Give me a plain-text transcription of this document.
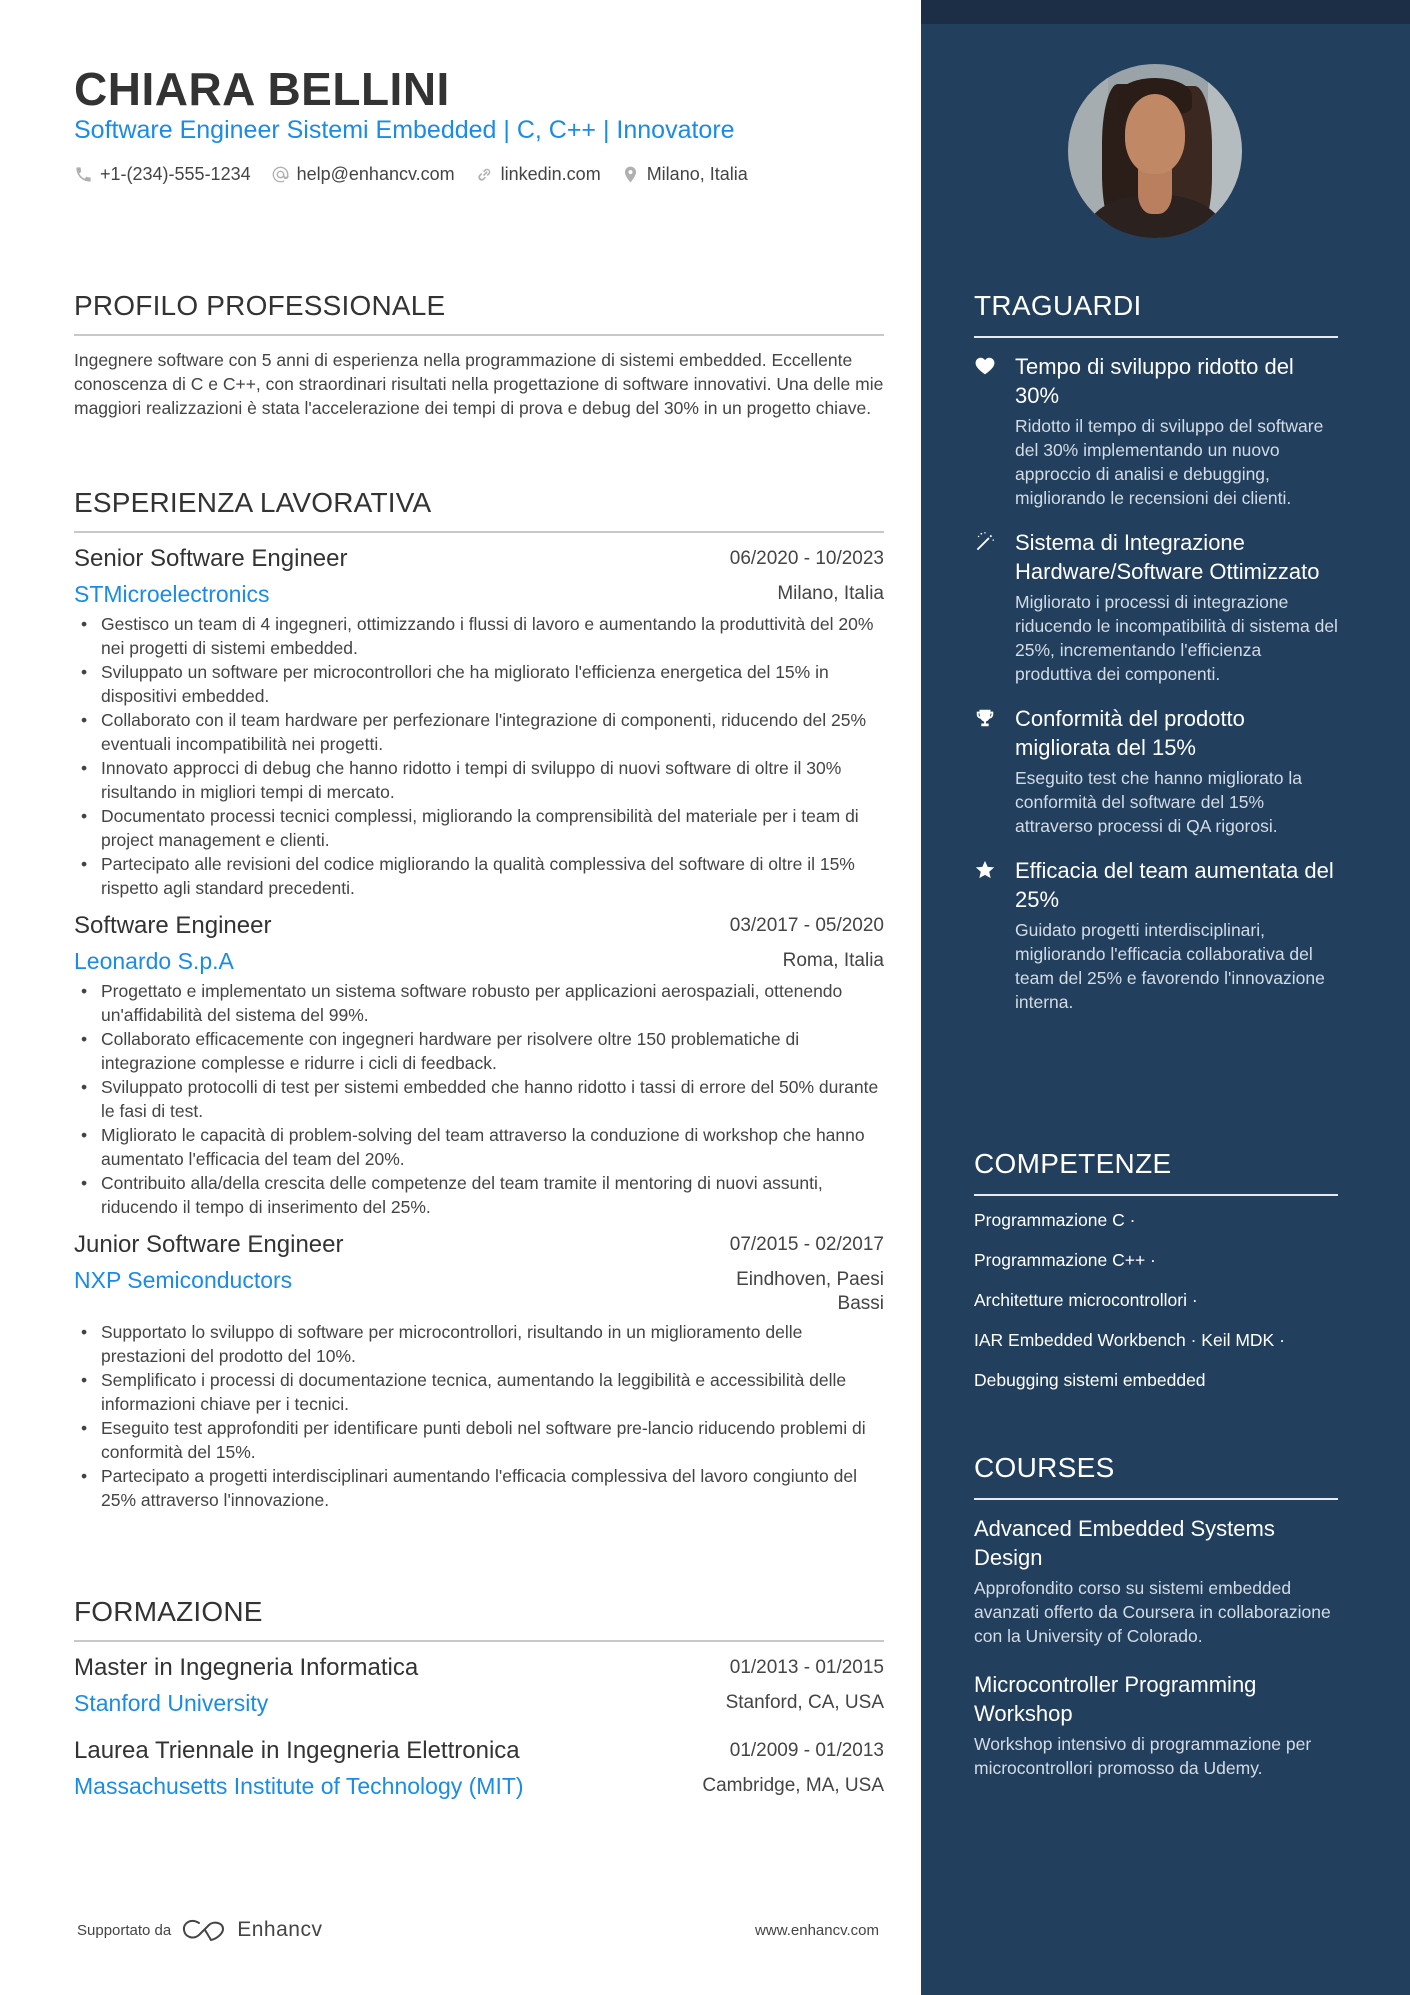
CHIARA BELLINI
Software Engineer Sistemi Embedded | C, C++ | Innovatore
+1-(234)-555-1234	help@enhancv.com	linkedin.com	Milano, Italia
PROFILO PROFESSIONALE
Ingegnere software con 5 anni di esperienza nella programmazione di sistemi embedded. Eccellente conoscenza di C e C++, con straordinari risultati nella progettazione di software innovativi. Una delle mie maggiori realizzazioni è stata l'accelerazione dei tempi di prova e debug del 30% in un progetto chiave.
ESPERIENZA LAVORATIVA
Senior Software Engineer	06/2020 - 10/2023
STMicroelectronics	Milano, Italia
• Gestisco un team di 4 ingegneri, ottimizzando i flussi di lavoro e aumentando la produttività del 20% nei progetti di sistemi embedded.
• Sviluppato un software per microcontrollori che ha migliorato l'efficienza energetica del 15% in dispositivi embedded.
• Collaborato con il team hardware per perfezionare l'integrazione di componenti, riducendo del 25% eventuali incompatibilità nei progetti.
• Innovato approcci di debug che hanno ridotto i tempi di sviluppo di nuovi software di oltre il 30% risultando in migliori tempi di mercato.
• Documentato processi tecnici complessi, migliorando la comprensibilità del materiale per i team di project management e clienti.
• Partecipato alle revisioni del codice migliorando la qualità complessiva del software di oltre il 15% rispetto agli standard precedenti.
Software Engineer	03/2017 - 05/2020
Leonardo S.p.A	Roma, Italia
• Progettato e implementato un sistema software robusto per applicazioni aerospaziali, ottenendo un'affidabilità del sistema del 99%.
• Collaborato efficacemente con ingegneri hardware per risolvere oltre 150 problematiche di integrazione complesse e ridurre i cicli di feedback.
• Sviluppato protocolli di test per sistemi embedded che hanno ridotto i tassi di errore del 50% durante le fasi di test.
• Migliorato le capacità di problem-solving del team attraverso la conduzione di workshop che hanno aumentato l'efficacia del team del 20%.
• Contribuito alla/della crescita delle competenze del team tramite il mentoring di nuovi assunti, riducendo il tempo di inserimento del 25%.
Junior Software Engineer	07/2015 - 02/2017
NXP Semiconductors	Eindhoven, Paesi Bassi
• Supportato lo sviluppo di software per microcontrollori, risultando in un miglioramento delle prestazioni del prodotto del 10%.
• Semplificato i processi di documentazione tecnica, aumentando la leggibilità e accessibilità delle informazioni chiave per i tecnici.
• Eseguito test approfonditi per identificare punti deboli nel software pre-lancio riducendo problemi di conformità del 15%.
• Partecipato a progetti interdisciplinari aumentando l'efficacia complessiva del lavoro congiunto del 25% attraverso l'innovazione.
FORMAZIONE
Master in Ingegneria Informatica	01/2013 - 01/2015
Stanford University	Stanford, CA, USA
Laurea Triennale in Ingegneria Elettronica	01/2009 - 01/2013
Massachusetts Institute of Technology (MIT)	Cambridge, MA, USA
Supportato da	Enhancv	www.enhancv.com
TRAGUARDI
Tempo di sviluppo ridotto del 30%
Ridotto il tempo di sviluppo del software del 30% implementando un nuovo approccio di analisi e debugging, migliorando le recensioni dei clienti.
Sistema di Integrazione Hardware/Software Ottimizzato
Migliorato i processi di integrazione riducendo le incompatibilità di sistema del 25%, incrementando l'efficienza produttiva dei componenti.
Conformità del prodotto migliorata del 15%
Eseguito test che hanno migliorato la conformità del software del 15% attraverso processi di QA rigorosi.
Efficacia del team aumentata del 25%
Guidato progetti interdisciplinari, migliorando l'efficacia collaborativa del team del 25% e favorendo l'innovazione interna.
COMPETENZE
Programmazione C ·
Programmazione C++ ·
Architetture microcontrollori ·
IAR Embedded Workbench · Keil MDK ·
Debugging sistemi embedded
COURSES
Advanced Embedded Systems Design
Approfondito corso su sistemi embedded avanzati offerto da Coursera in collaborazione con la University of Colorado.
Microcontroller Programming Workshop
Workshop intensivo di programmazione per microcontrollori promosso da Udemy.
